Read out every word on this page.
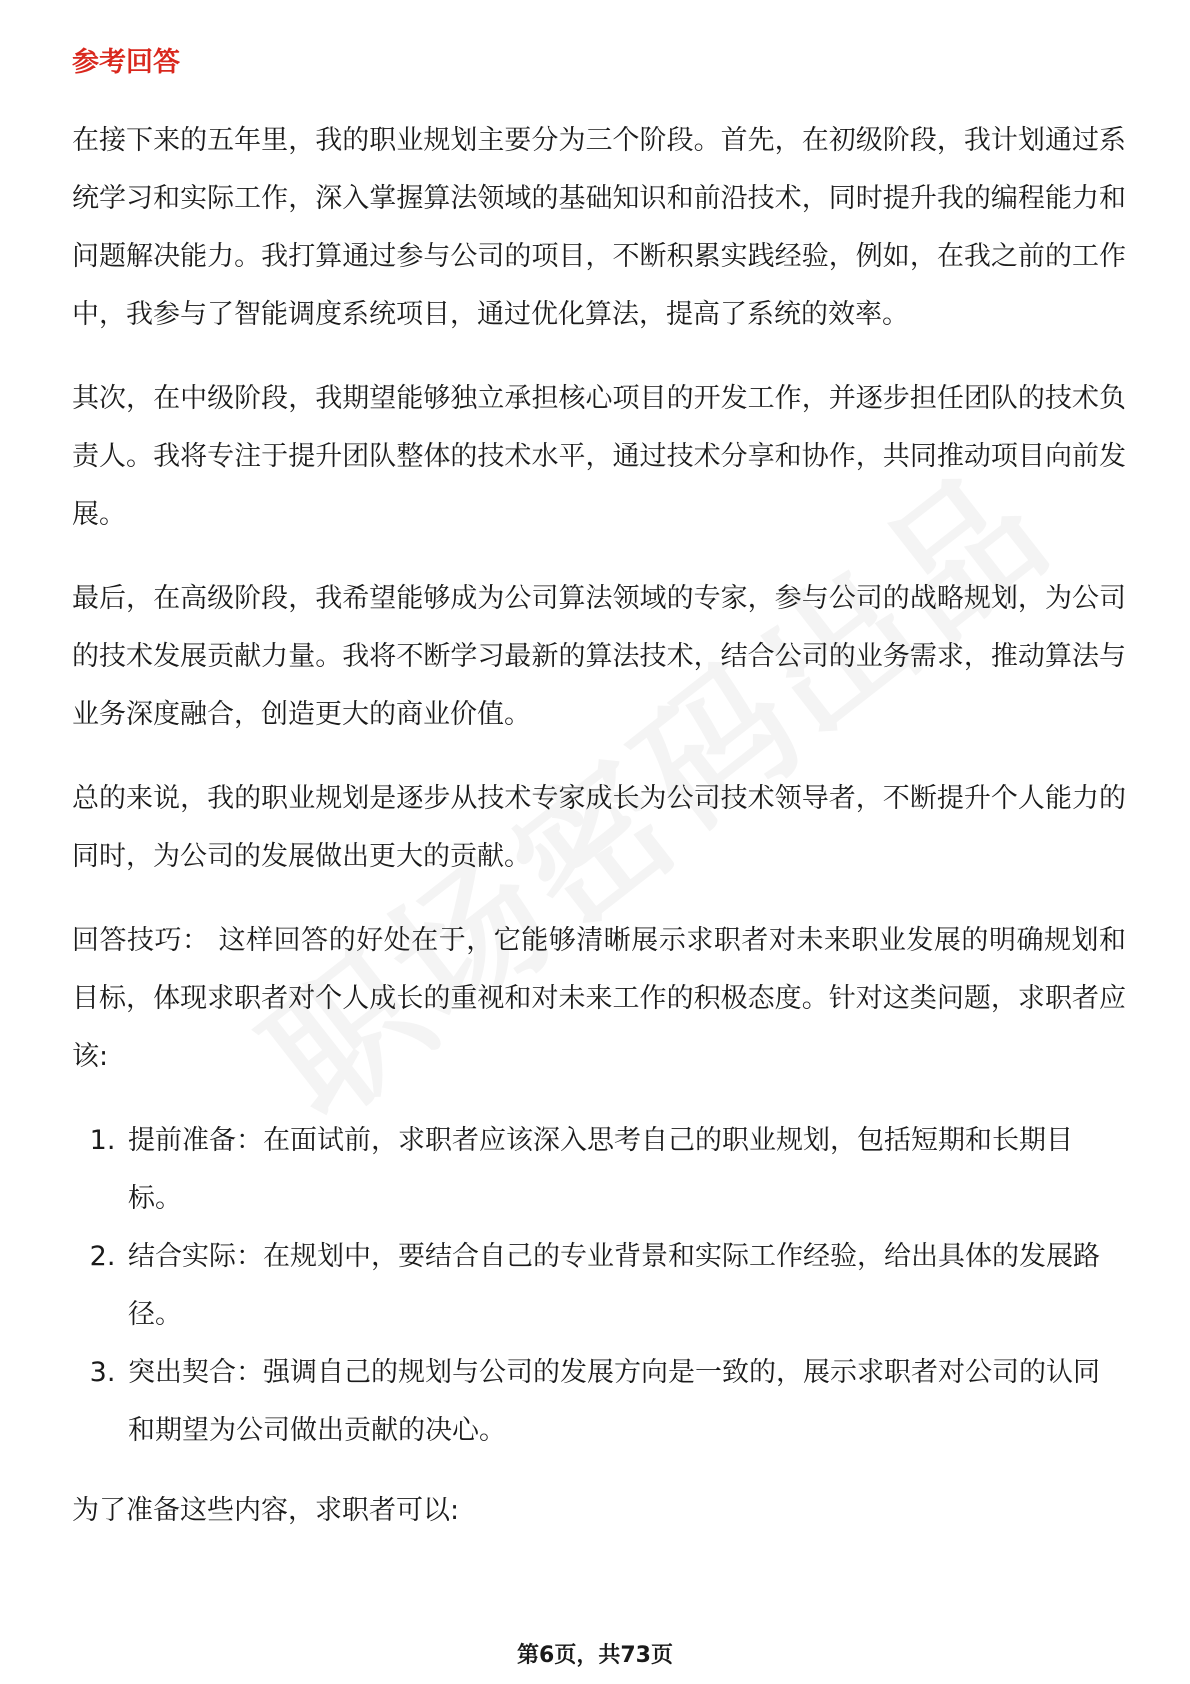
参考回答

在接下来的五年里，我的职业规划主要分为三个阶段。首先，在初级阶段，我计划通过系统学习和实际工作，深入掌握算法领域的基础知识和前沿技术，同时提升我的编程能力和问题解决能力。我打算通过参与公司的项目，不断积累实践经验，例如，在我之前的工作中，我参与了智能调度系统项目，通过优化算法，提高了系统的效率。

其次，在中级阶段，我期望能够独立承担核心项目的开发工作，并逐步担任团队的技术负责人。我将专注于提升团队整体的技术水平，通过技术分享和协作，共同推动项目向前发展。

最后，在高级阶段，我希望能够成为公司算法领域的专家，参与公司的战略规划，为公司的技术发展贡献力量。我将不断学习最新的算法技术，结合公司的业务需求，推动算法与业务深度融合，创造更大的商业价值。

总的来说，我的职业规划是逐步从技术专家成长为公司技术领导者，不断提升个人能力的同时，为公司的发展做出更大的贡献。

回答技巧： 这样回答的好处在于，它能够清晰展示求职者对未来职业发展的明确规划和目标，体现求职者对个人成长的重视和对未来工作的积极态度。针对这类问题，求职者应该:

1. 提前准备：在面试前，求职者应该深入思考自己的职业规划，包括短期和长期目标。
2. 结合实际：在规划中，要结合自己的专业背景和实际工作经验，给出具体的发展路径。
3. 突出契合：强调自己的规划与公司的发展方向是一致的，展示求职者对公司的认同和期望为公司做出贡献的决心。

为了准备这些内容，求职者可以:

第6页，共73页
